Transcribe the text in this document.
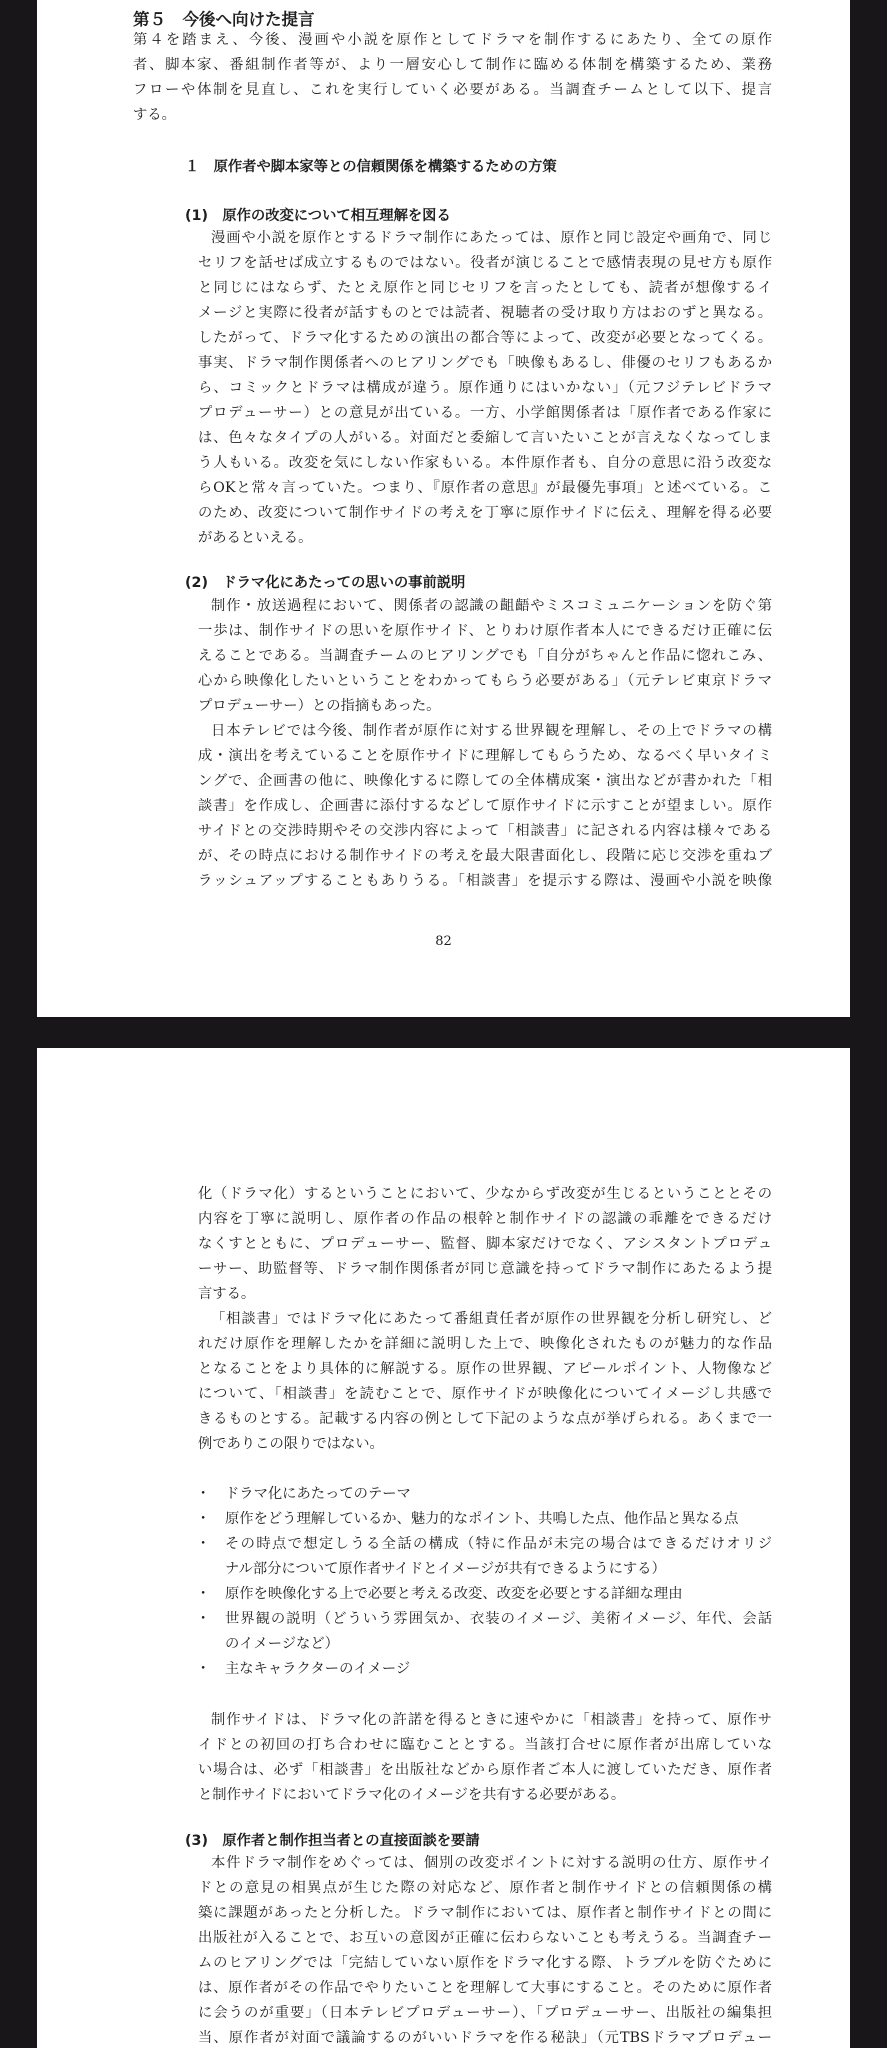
第５　今後へ向けた提言

第４を踏まえ、今後、漫画や小説を原作としてドラマを制作するにあたり、全ての原作

者、脚本家、番組制作者等が、より一層安心して制作に臨める体制を構築するため、業務

フローや体制を見直し、これを実行していく必要がある。当調査チームとして以下、提言

する。

１　原作者や脚本家等との信頼関係を構築するための方策
(1)　原作の改変について相互理解を図る

漫画や小説を原作とするドラマ制作にあたっては、原作と同じ設定や画角で、同じ

セリフを話せば成立するものではない。役者が演じることで感情表現の見せ方も原作

と同じにはならず、たとえ原作と同じセリフを言ったとしても、読者が想像するイ

メージと実際に役者が話すものとでは読者、視聴者の受け取り方はおのずと異なる。

したがって、ドラマ化するための演出の都合等によって、改変が必要となってくる。

事実、ドラマ制作関係者へのヒアリングでも「映像もあるし、俳優のセリフもあるか

ら、コミックとドラマは構成が違う。原作通りにはいかない」（元フジテレビドラマ

プロデューサー）との意見が出ている。一方、小学館関係者は「原作者である作家に

は、色々なタイプの人がいる。対面だと委縮して言いたいことが言えなくなってしま

う人もいる。改変を気にしない作家もいる。本件原作者も、自分の意思に沿う改変な

らOKと常々言っていた。つまり、『原作者の意思』が最優先事項」と述べている。こ

のため、改変について制作サイドの考えを丁寧に原作サイドに伝え、理解を得る必要

があるといえる。

(2)　ドラマ化にあたっての思いの事前説明

制作・放送過程において、関係者の認識の齟齬やミスコミュニケーションを防ぐ第

一歩は、制作サイドの思いを原作サイド、とりわけ原作者本人にできるだけ正確に伝

えることである。当調査チームのヒアリングでも「自分がちゃんと作品に惚れこみ、

心から映像化したいということをわかってもらう必要がある」（元テレビ東京ドラマ

プロデューサー）との指摘もあった。

日本テレビでは今後、制作者が原作に対する世界観を理解し、その上でドラマの構

成・演出を考えていることを原作サイドに理解してもらうため、なるべく早いタイミ

ングで、企画書の他に、映像化するに際しての全体構成案・演出などが書かれた「相

談書」を作成し、企画書に添付するなどして原作サイドに示すことが望ましい。原作

サイドとの交渉時期やその交渉内容によって「相談書」に記される内容は様々である

が、その時点における制作サイドの考えを最大限書面化し、段階に応じ交渉を重ねブ

ラッシュアップすることもありうる。「相談書」を提示する際は、漫画や小説を映像

82

化（ドラマ化）するということにおいて、少なからず改変が生じるということとその

内容を丁寧に説明し、原作者の作品の根幹と制作サイドの認識の乖離をできるだけ

なくすとともに、プロデューサー、監督、脚本家だけでなく、アシスタントプロデュ

ーサー、助監督等、ドラマ制作関係者が同じ意識を持ってドラマ制作にあたるよう提

言する。

「相談書」ではドラマ化にあたって番組責任者が原作の世界観を分析し研究し、ど

れだけ原作を理解したかを詳細に説明した上で、映像化されたものが魅力的な作品

となることをより具体的に解説する。原作の世界観、アピールポイント、人物像など

について、「相談書」を読むことで、原作サイドが映像化についてイメージし共感で

きるものとする。記載する内容の例として下記のような点が挙げられる。あくまで一

例でありこの限りではない。

・ ドラマ化にあたってのテーマ
・ 原作をどう理解しているか、魅力的なポイント、共鳴した点、他作品と異なる点
・ その時点で想定しうる全話の構成（特に作品が未完の場合はできるだけオリジ
ナル部分について原作者サイドとイメージが共有できるようにする）
・ 原作を映像化する上で必要と考える改変、改変を必要とする詳細な理由
・ 世界観の説明（どういう雰囲気か、衣装のイメージ、美術イメージ、年代、会話
のイメージなど）
・ 主なキャラクターのイメージ

制作サイドは、ドラマ化の許諾を得るときに速やかに「相談書」を持って、原作サ

イドとの初回の打ち合わせに臨むこととする。当該打合せに原作者が出席していな

い場合は、必ず「相談書」を出版社などから原作者ご本人に渡していただき、原作者

と制作サイドにおいてドラマ化のイメージを共有する必要がある。

(3)　原作者と制作担当者との直接面談を要請

本件ドラマ制作をめぐっては、個別の改変ポイントに対する説明の仕方、原作サイ

ドとの意見の相異点が生じた際の対応など、原作者と制作サイドとの信頼関係の構

築に課題があったと分析した。ドラマ制作においては、原作者と制作サイドとの間に

出版社が入ることで、お互いの意図が正確に伝わらないことも考えうる。当調査チー

ムのヒアリングでは「完結していない原作をドラマ化する際、トラブルを防ぐために

は、原作者がその作品でやりたいことを理解して大事にすること。そのために原作者

に会うのが重要」（日本テレビプロデューサー）、「プロデューサー、出版社の編集担

当、原作者が対面で議論するのがいいドラマを作る秘訣」（元TBSドラマプロデュー
